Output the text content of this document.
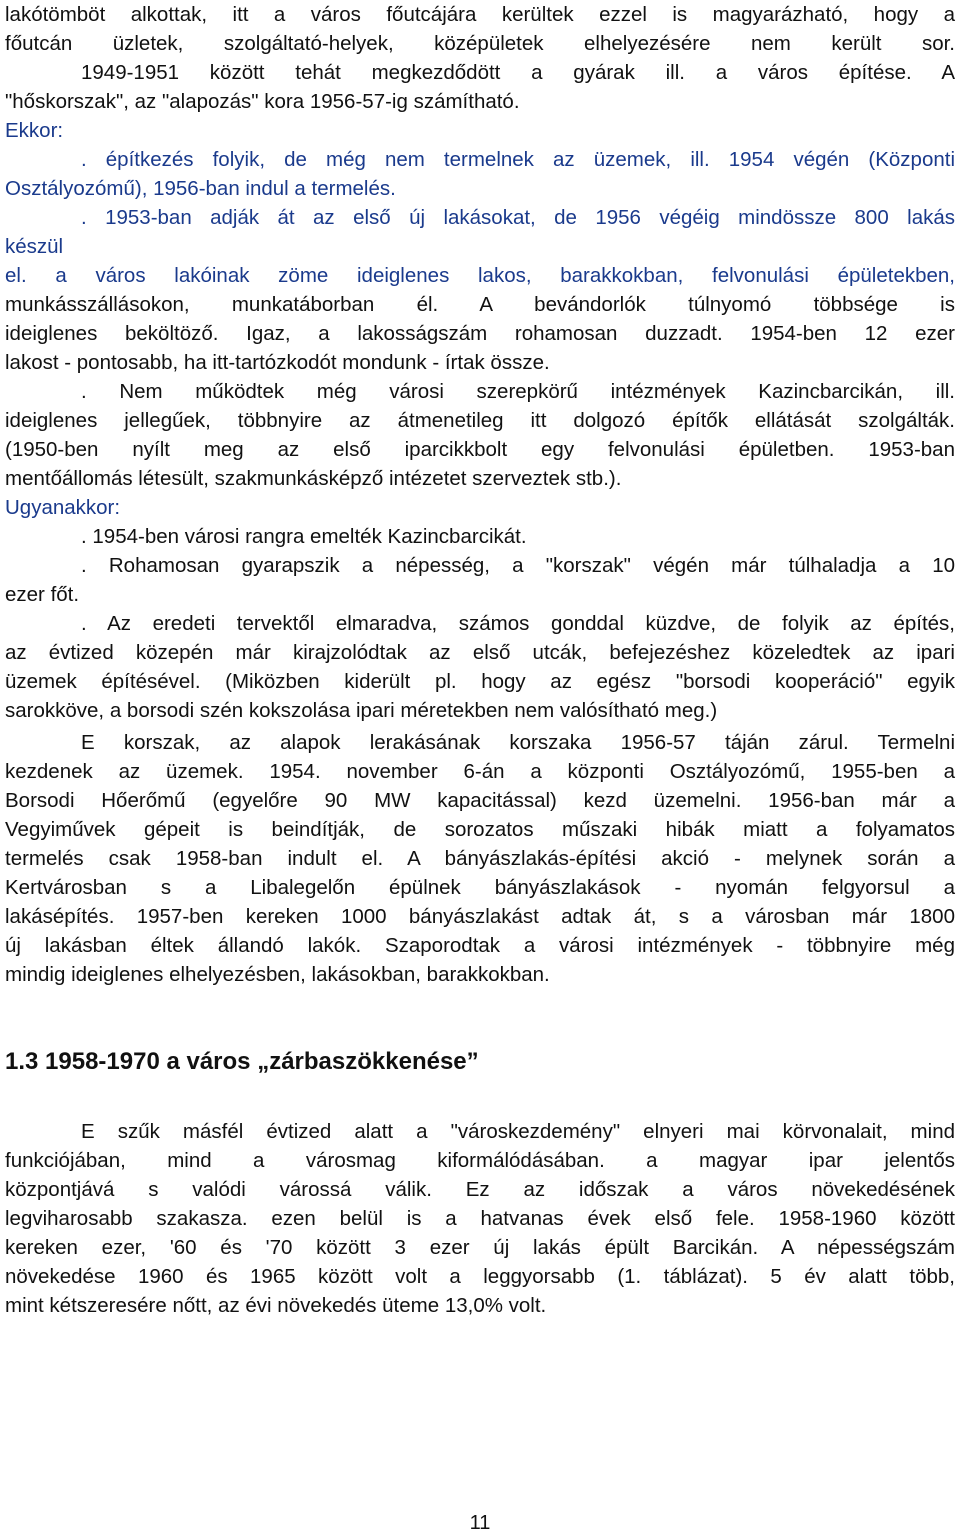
lakótömböt alkottak, itt a város főutcájára kerültek ezzel is magyarázható, hogy a

főutcán üzletek, szolgáltató-helyek, középületek elhelyezésére nem került sor.

1949-1951 között tehát megkezdődött a gyárak ill. a város építése. A

"hőskorszak", az "alapozás" kora 1956-57-ig számítható.

Ekkor:

. építkezés folyik, de még nem termelnek az üzemek, ill. 1954 végén (Központi

Osztályozómű), 1956-ban indul a termelés.

. 1953-ban adják át az első új lakásokat, de 1956 végéig mindössze 800 lakás

készül

el. a város lakóinak zöme ideiglenes lakos, barakkokban, felvonulási épületekben,

munkásszállásokon, munkatáborban él. A bevándorlók túlnyomó többsége is

ideiglenes beköltöző. Igaz, a lakosságszám rohamosan duzzadt. 1954-ben 12 ezer

lakost - pontosabb, ha itt-tartózkodót mondunk - írtak össze.

. Nem működtek még városi szerepkörű intézmények Kazincbarcikán, ill.

ideiglenes jellegűek, többnyire az átmenetileg itt dolgozó építők ellátását szolgálták.

(1950-ben nyílt meg az első iparcikkbolt egy felvonulási épületben. 1953-ban

mentőállomás létesült, szakmunkásképző intézetet szerveztek stb.).

Ugyanakkor:

. 1954-ben városi rangra emelték Kazincbarcikát.

. Rohamosan gyarapszik a népesség, a "korszak" végén már túlhaladja a 10

ezer főt.

. Az eredeti tervektől elmaradva, számos gonddal küzdve, de folyik az építés,

az évtized közepén már kirajzolódtak az első utcák, befejezéshez közeledtek az ipari

üzemek építésével. (Miközben kiderült pl. hogy az egész "borsodi kooperáció" egyik

sarokköve, a borsodi szén kokszolása ipari méretekben nem valósítható meg.)

E korszak, az alapok lerakásának korszaka 1956-57 táján zárul. Termelni

kezdenek az üzemek. 1954. november 6-án a központi Osztályozómű, 1955-ben a

Borsodi Hőerőmű (egyelőre 90 MW kapacitással) kezd üzemelni. 1956-ban már a

Vegyiművek gépeit is beindítják, de sorozatos műszaki hibák miatt a folyamatos

termelés csak 1958-ban indult el. A bányászlakás-építési akció - melynek során a

Kertvárosban s a Libalegelőn épülnek bányászlakások - nyomán felgyorsul a

lakásépítés. 1957-ben kereken 1000 bányászlakást adtak át, s a városban már 1800

új lakásban éltek állandó lakók. Szaporodtak a városi intézmények - többnyire még

mindig ideiglenes elhelyezésben, lakásokban, barakkokban.

1.3 1958-1970 a város „zárbaszökkenése”

E szűk másfél évtized alatt a "városkezdemény" elnyeri mai körvonalait, mind

funkciójában, mind a városmag kiformálódásában. a magyar ipar jelentős

központjává s valódi várossá válik. Ez az időszak a város növekedésének

legviharosabb szakasza. ezen belül is a hatvanas évek első fele. 1958-1960 között

kereken ezer, '60 és '70 között 3 ezer új lakás épült Barcikán. A népességszám

növekedése 1960 és 1965 között volt a leggyorsabb (1. táblázat). 5 év alatt több,

mint kétszeresére nőtt, az évi növekedés üteme 13,0% volt.

11
